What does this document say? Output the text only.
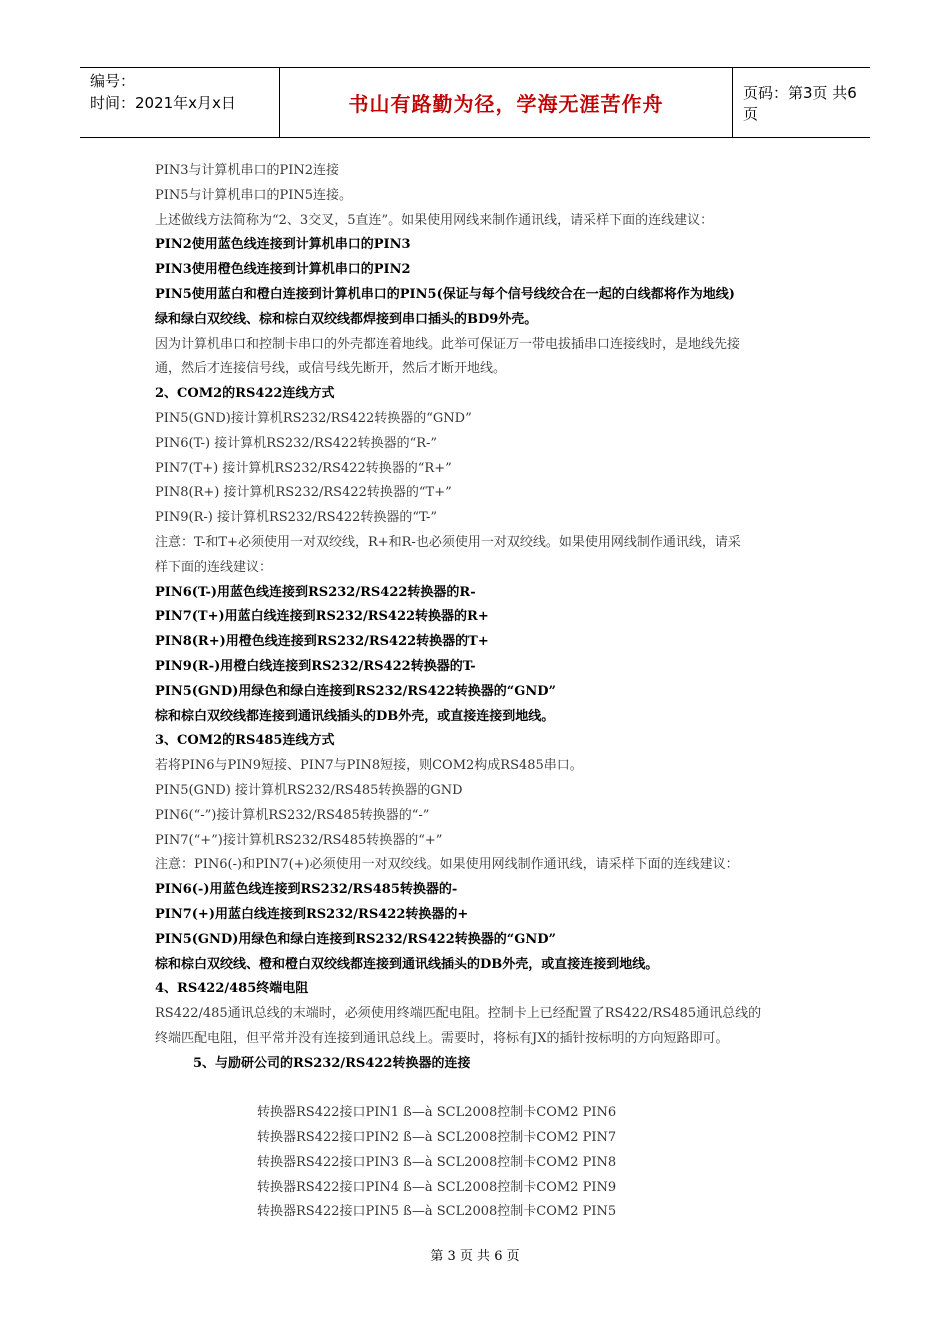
编号：
时间：2021年x月x日	书山有路勤为径，学海无涯苦作舟	页码：第3页 共6页
PIN3与计算机串口的PIN2连接
PIN5与计算机串口的PIN5连接。
上述做线方法简称为“2、3交叉，5直连”。如果使用网线来制作通讯线，请采样下面的连线建议：
PIN2使用蓝色线连接到计算机串口的PIN3
PIN3使用橙色线连接到计算机串口的PIN2
PIN5使用蓝白和橙白连接到计算机串口的PIN5(保证与每个信号线绞合在一起的白线都将作为地线)
绿和绿白双绞线、棕和棕白双绞线都焊接到串口插头的BD9外壳。
因为计算机串口和控制卡串口的外壳都连着地线。此举可保证万一带电拔插串口连接线时，是地线先接
通，然后才连接信号线，或信号线先断开，然后才断开地线。
2、COM2的RS422连线方式
PIN5(GND)接计算机RS232/RS422转换器的“GND”
PIN6(T-) 接计算机RS232/RS422转换器的“R-”
PIN7(T+) 接计算机RS232/RS422转换器的“R+”
PIN8(R+) 接计算机RS232/RS422转换器的“T+”
PIN9(R-) 接计算机RS232/RS422转换器的“T-”
注意：T-和T+必须使用一对双绞线，R+和R-也必须使用一对双绞线。如果使用网线制作通讯线，请采
样下面的连线建议：
PIN6(T-)用蓝色线连接到RS232/RS422转换器的R-
PIN7(T+)用蓝白线连接到RS232/RS422转换器的R+
PIN8(R+)用橙色线连接到RS232/RS422转换器的T+
PIN9(R-)用橙白线连接到RS232/RS422转换器的T-
PIN5(GND)用绿色和绿白连接到RS232/RS422转换器的“GND”
棕和棕白双绞线都连接到通讯线插头的DB外壳，或直接连接到地线。
3、COM2的RS485连线方式
若将PIN6与PIN9短接、PIN7与PIN8短接，则COM2构成RS485串口。
PIN5(GND) 接计算机RS232/RS485转换器的GND
PIN6(“-”)接计算机RS232/RS485转换器的“-”
PIN7(“+”)接计算机RS232/RS485转换器的“+”
注意：PIN6(-)和PIN7(+)必须使用一对双绞线。如果使用网线制作通讯线，请采样下面的连线建议：
PIN6(-)用蓝色线连接到RS232/RS485转换器的-
PIN7(+)用蓝白线连接到RS232/RS422转换器的+
PIN5(GND)用绿色和绿白连接到RS232/RS422转换器的“GND”
棕和棕白双绞线、橙和橙白双绞线都连接到通讯线插头的DB外壳，或直接连接到地线。
4、RS422/485终端电阻
RS422/485通讯总线的末端时，必须使用终端匹配电阻。控制卡上已经配置了RS422/RS485通讯总线的
终端匹配电阻，但平常并没有连接到通讯总线上。需要时，将标有JX的插针按标明的方向短路即可。
5、与励研公司的RS232/RS422转换器的连接
转换器RS422接口PIN1 ß—à SCL2008控制卡COM2 PIN6
转换器RS422接口PIN2 ß—à SCL2008控制卡COM2 PIN7
转换器RS422接口PIN3 ß—à SCL2008控制卡COM2 PIN8
转换器RS422接口PIN4 ß—à SCL2008控制卡COM2 PIN9
转换器RS422接口PIN5 ß—à SCL2008控制卡COM2 PIN5
第 3 页 共 6 页
